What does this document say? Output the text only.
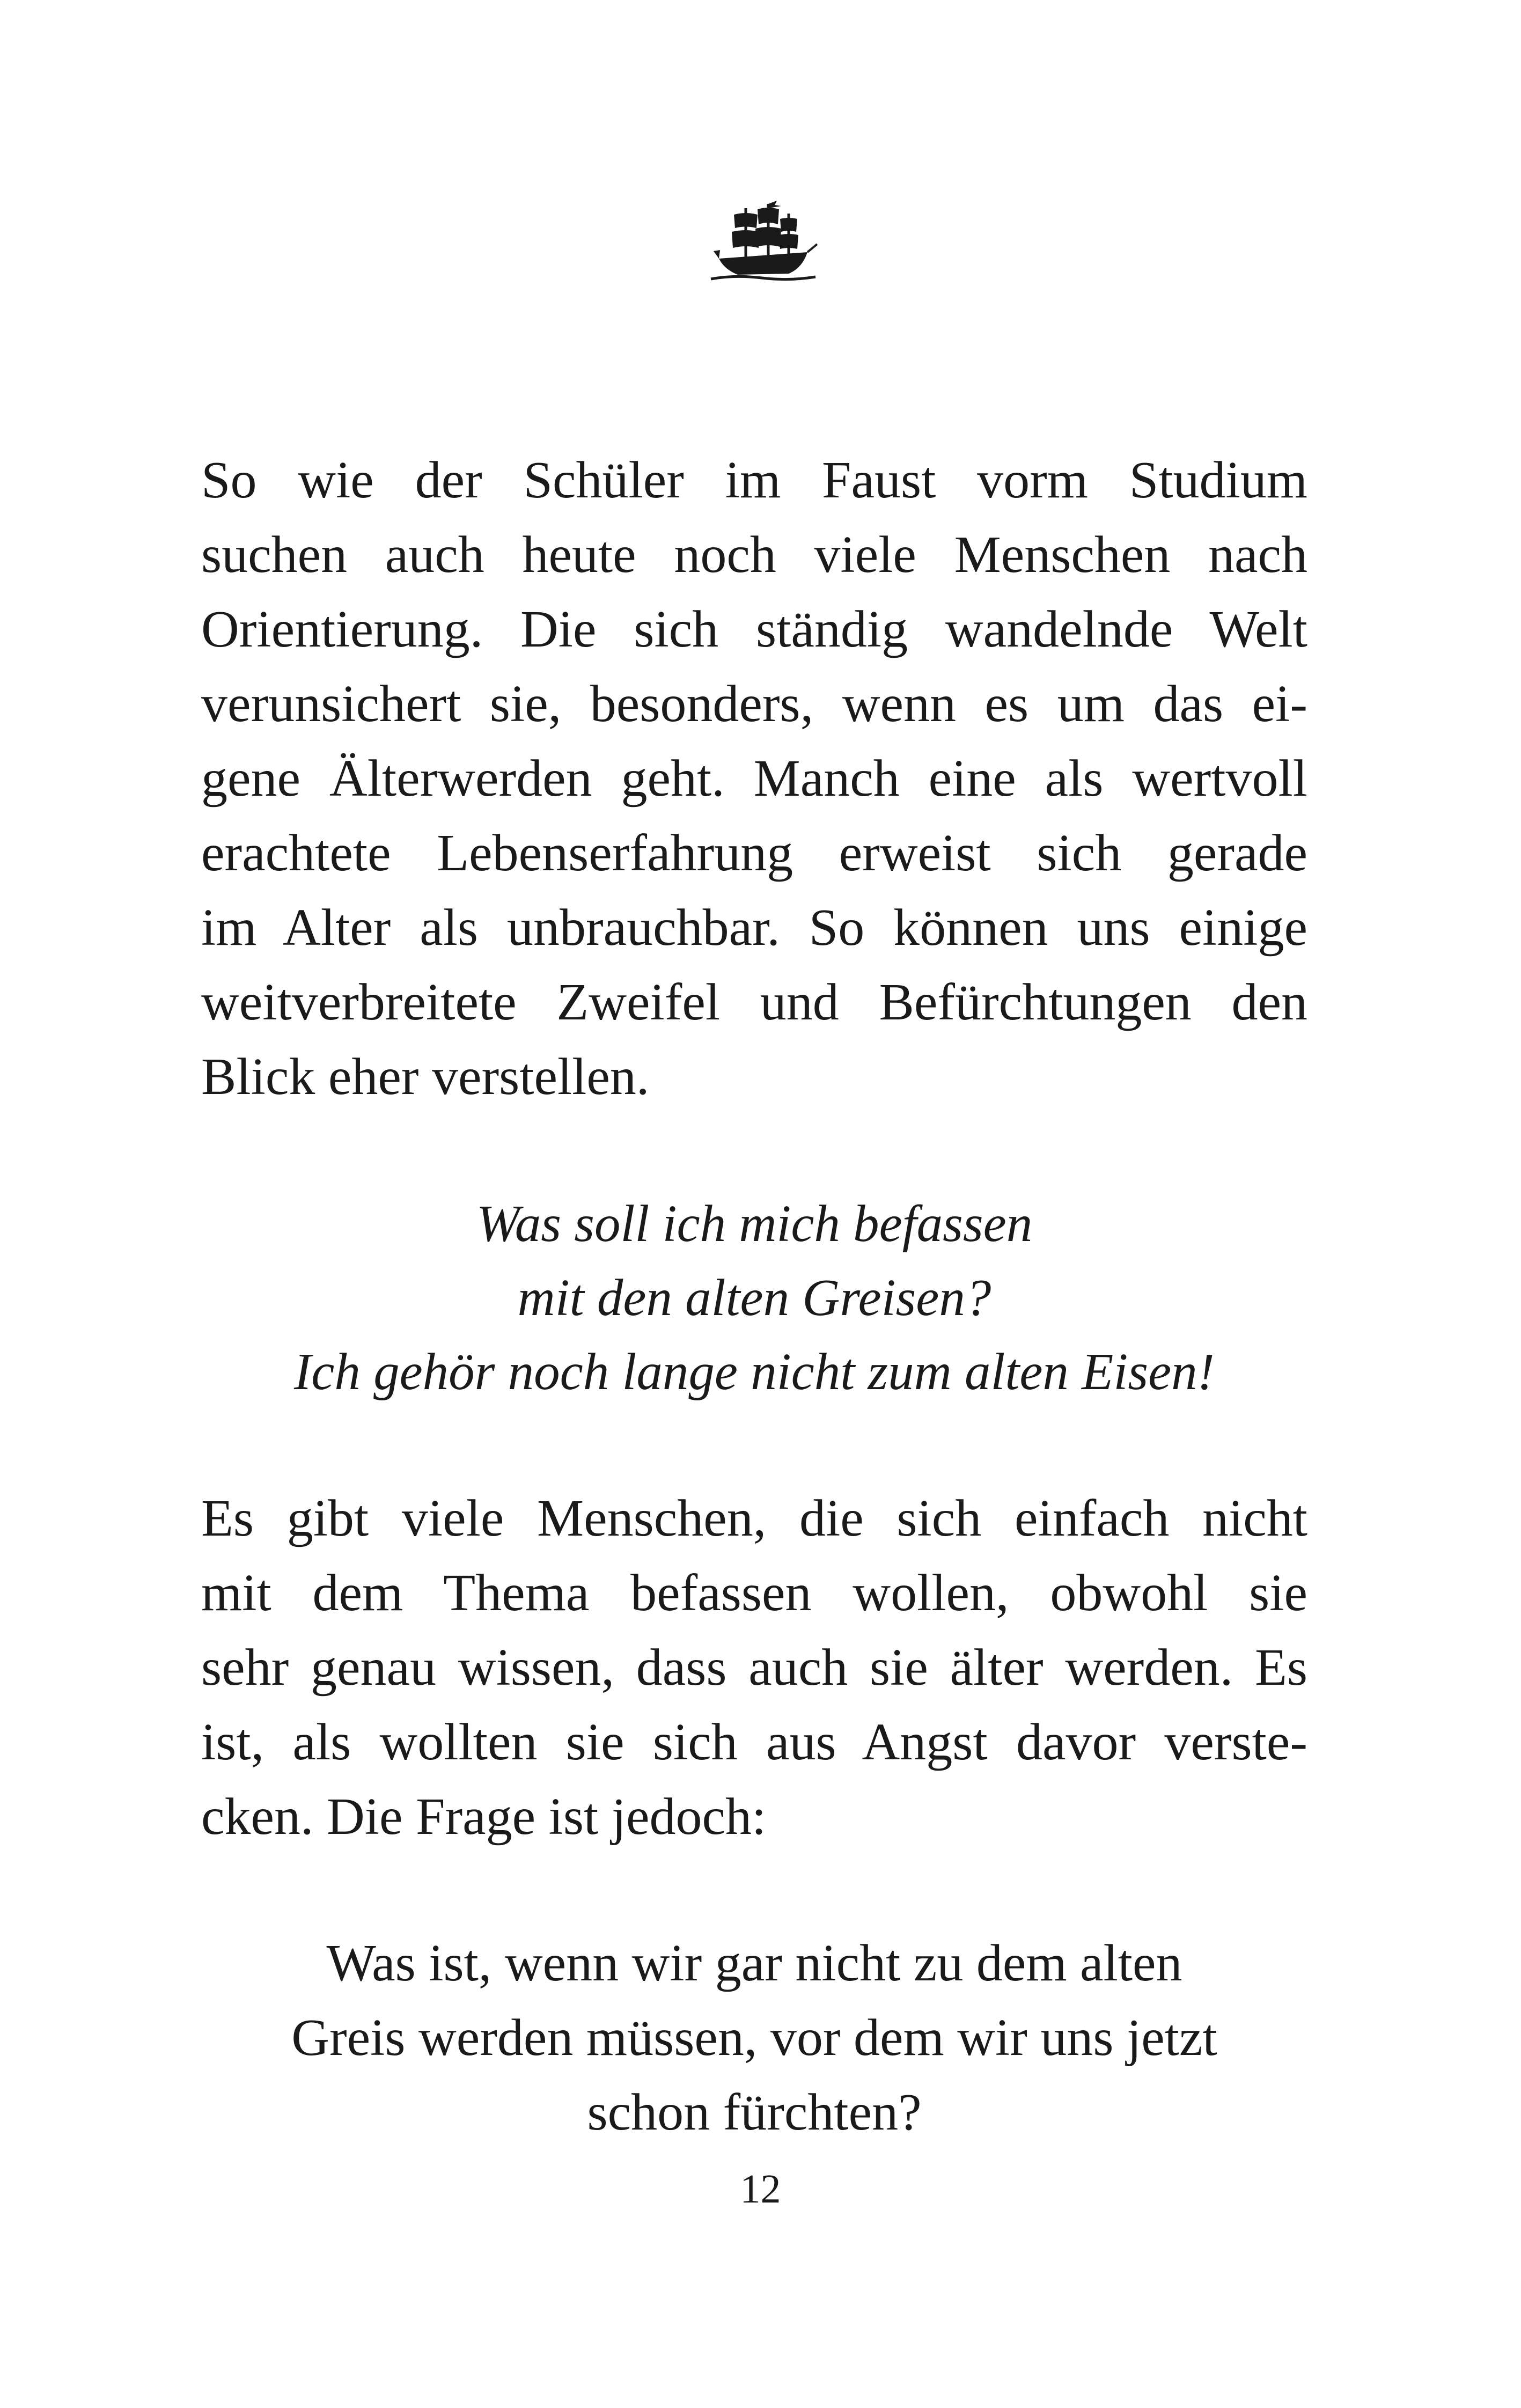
So wie der Schüler im Faust vorm Studium
suchen auch heute noch viele Menschen nach
Orientierung. Die sich ständig wandelnde Welt
verunsichert sie, besonders, wenn es um das ei-
gene Älterwerden geht. Manch eine als wertvoll
erachtete Lebenserfahrung erweist sich gerade
im Alter als unbrauchbar. So können uns einige
weitverbreitete Zweifel und Befürchtungen den
Blick eher verstellen.
Was soll ich mich befassen
mit den alten Greisen?
Ich gehör noch lange nicht zum alten Eisen!
Es gibt viele Menschen, die sich einfach nicht
mit dem Thema befassen wollen, obwohl sie
sehr genau wissen, dass auch sie älter werden. Es
ist, als wollten sie sich aus Angst davor verste-
cken. Die Frage ist jedoch:
Was ist, wenn wir gar nicht zu dem alten
Greis werden müssen, vor dem wir uns jetzt
schon fürchten?
12
